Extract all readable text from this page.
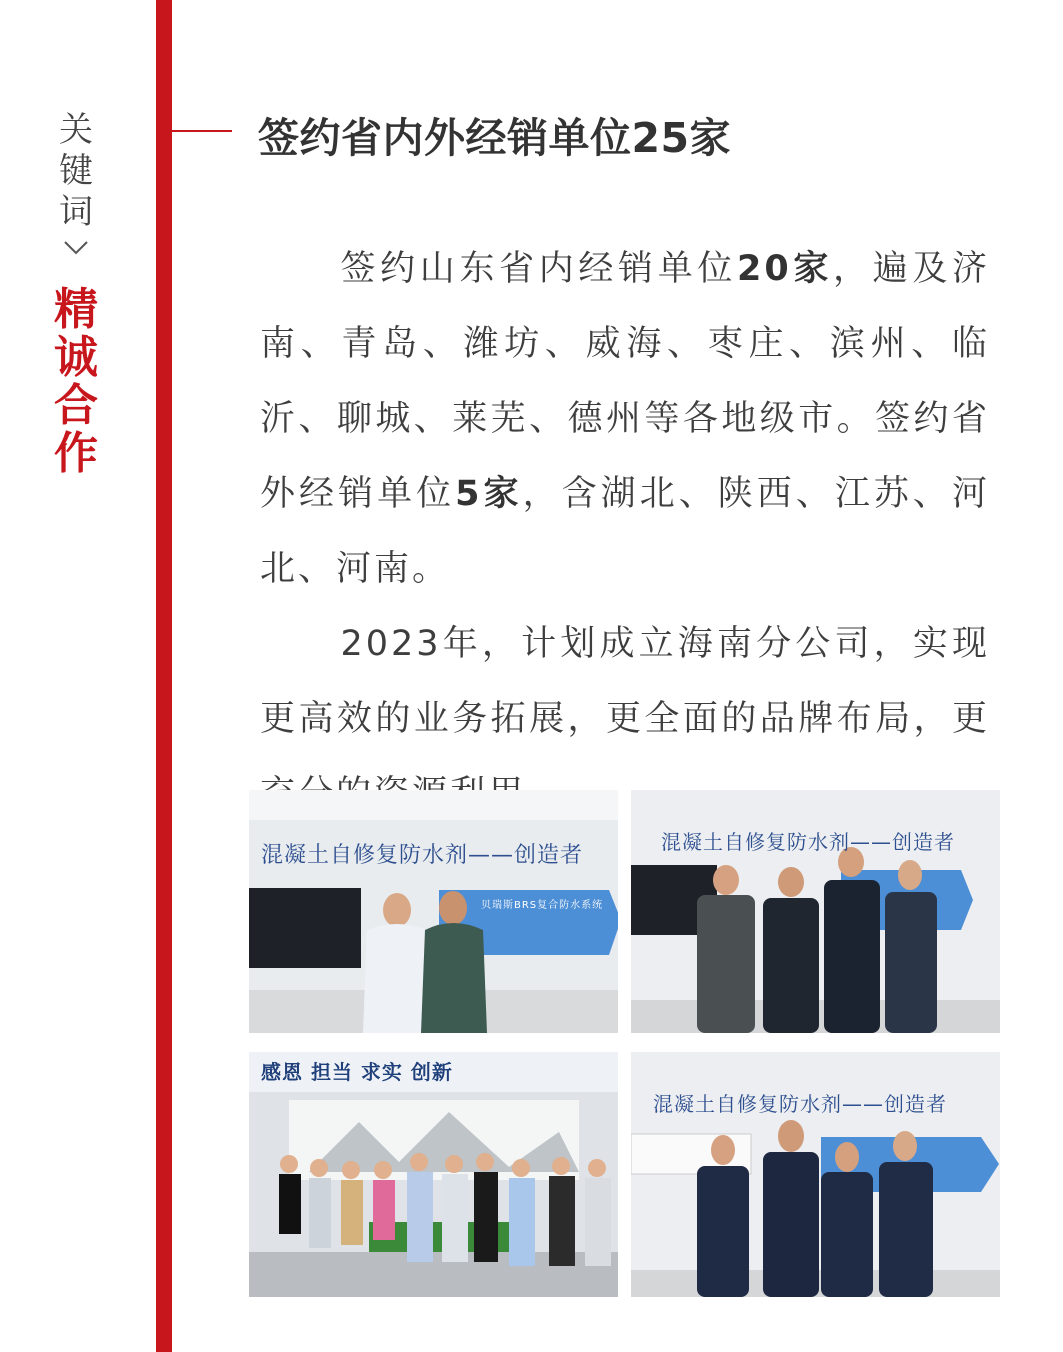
关
键
词
精
诚
合
作
签约省内外经销单位25家

签约山东省内经销单位20家，遍及济南、青岛、潍坊、威海、枣庄、滨州、临沂、聊城、莱芜、德州等各地级市。签约省外经销单位5家，含湖北、陕西、江苏、河北、河南。

2023年，计划成立海南分公司，实现更高效的业务拓展，更全面的品牌布局，更

混凝土自修复防水剂——创造者
贝瑞斯BRS复合防水系统
混凝土自修复防水剂——创造者
感恩 担当 求实 创新
混凝土自修复防水剂——创造者
